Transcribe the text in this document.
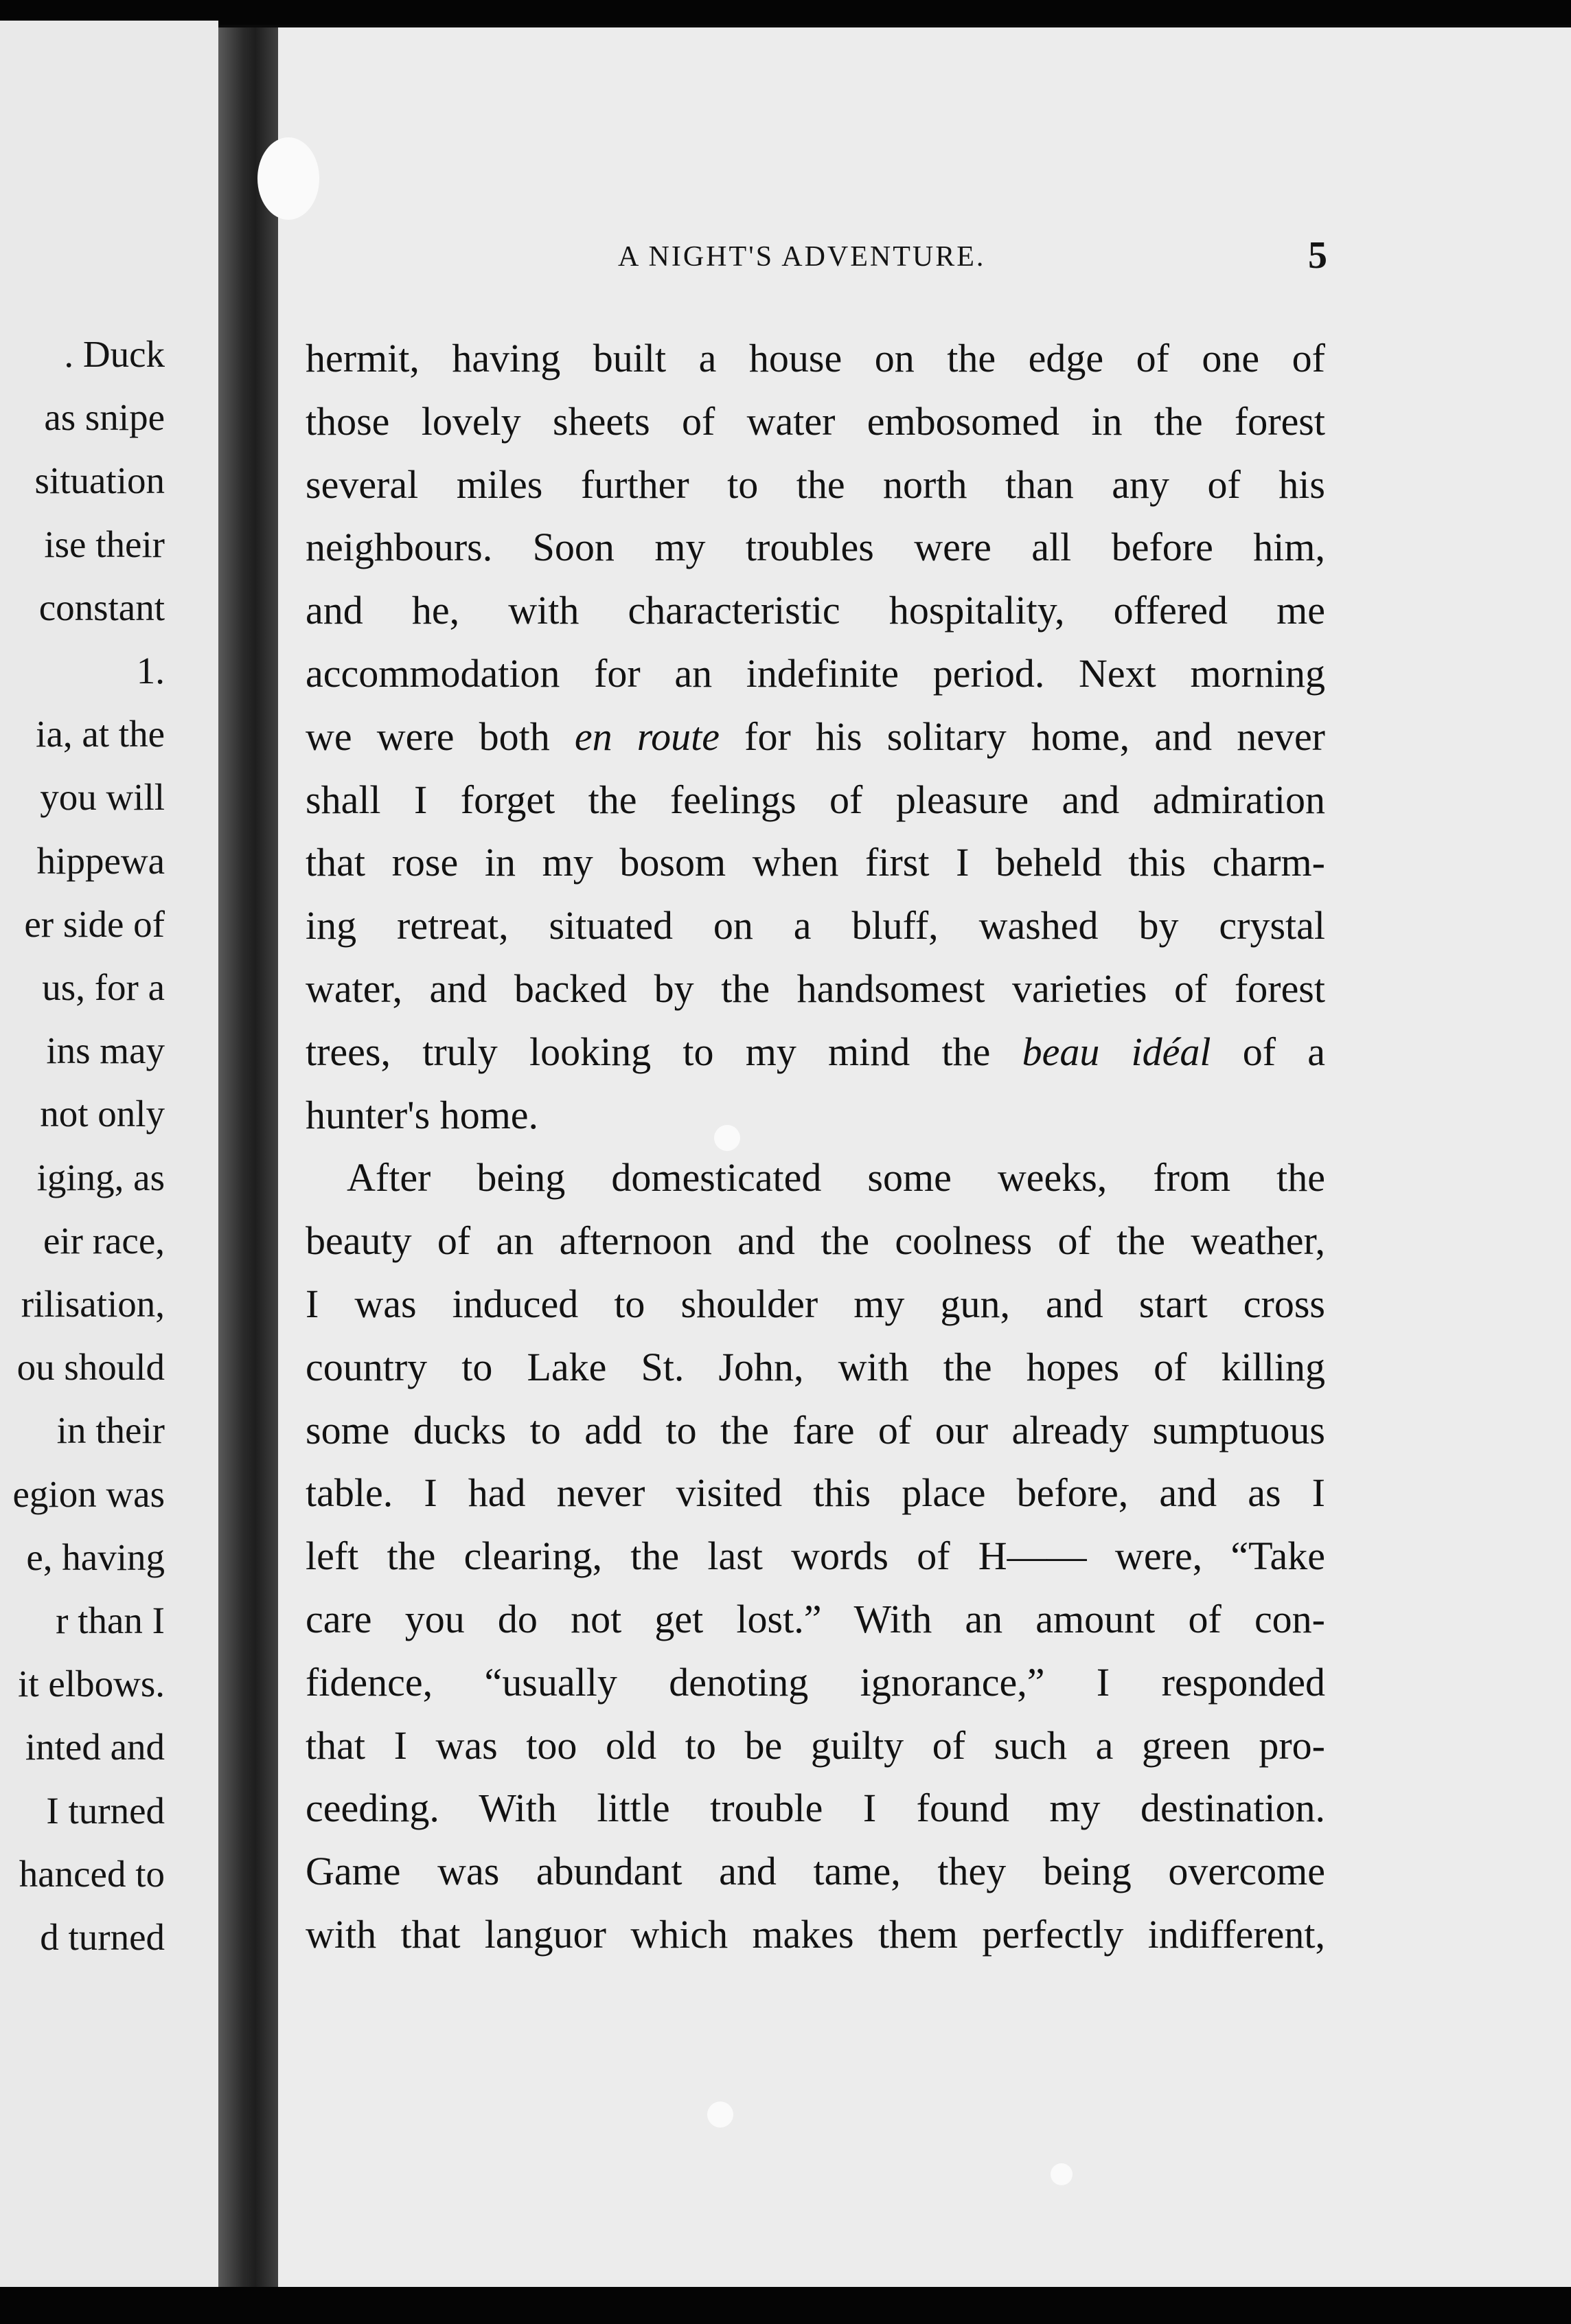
. Duck
as snipe
situation
ise their
constant
1.
ia, at the
you will
hippewa
er side of
us, for a
ins may
not only
iging, as
eir race,
rilisation,
ou should
in their
egion was
e, having
r than I
it elbows.
inted and
I turned
hanced to
d turned
A NIGHT'S ADVENTURE.	5
hermit, having built a house on the edge of one of
those lovely sheets of water embosomed in the forest
several miles further to the north than any of his
neighbours. Soon my troubles were all before him,
and he, with characteristic hospitality, offered me
accommodation for an indefinite period. Next morning
we were both en route for his solitary home, and never
shall I forget the feelings of pleasure and admiration
that rose in my bosom when first I beheld this charm-
ing retreat, situated on a bluff, washed by crystal
water, and backed by the handsomest varieties of forest
trees, truly looking to my mind the beau idéal of a
hunter's home.
After being domesticated some weeks, from the
beauty of an afternoon and the coolness of the weather,
I was induced to shoulder my gun, and start cross
country to Lake St. John, with the hopes of killing
some ducks to add to the fare of our already sumptuous
table. I had never visited this place before, and as I
left the clearing, the last words of H—— were, “Take
care you do not get lost.” With an amount of con-
fidence, “usually denoting ignorance,” I responded
that I was too old to be guilty of such a green pro-
ceeding. With little trouble I found my destination.
Game was abundant and tame, they being overcome
with that languor which makes them perfectly indifferent,
